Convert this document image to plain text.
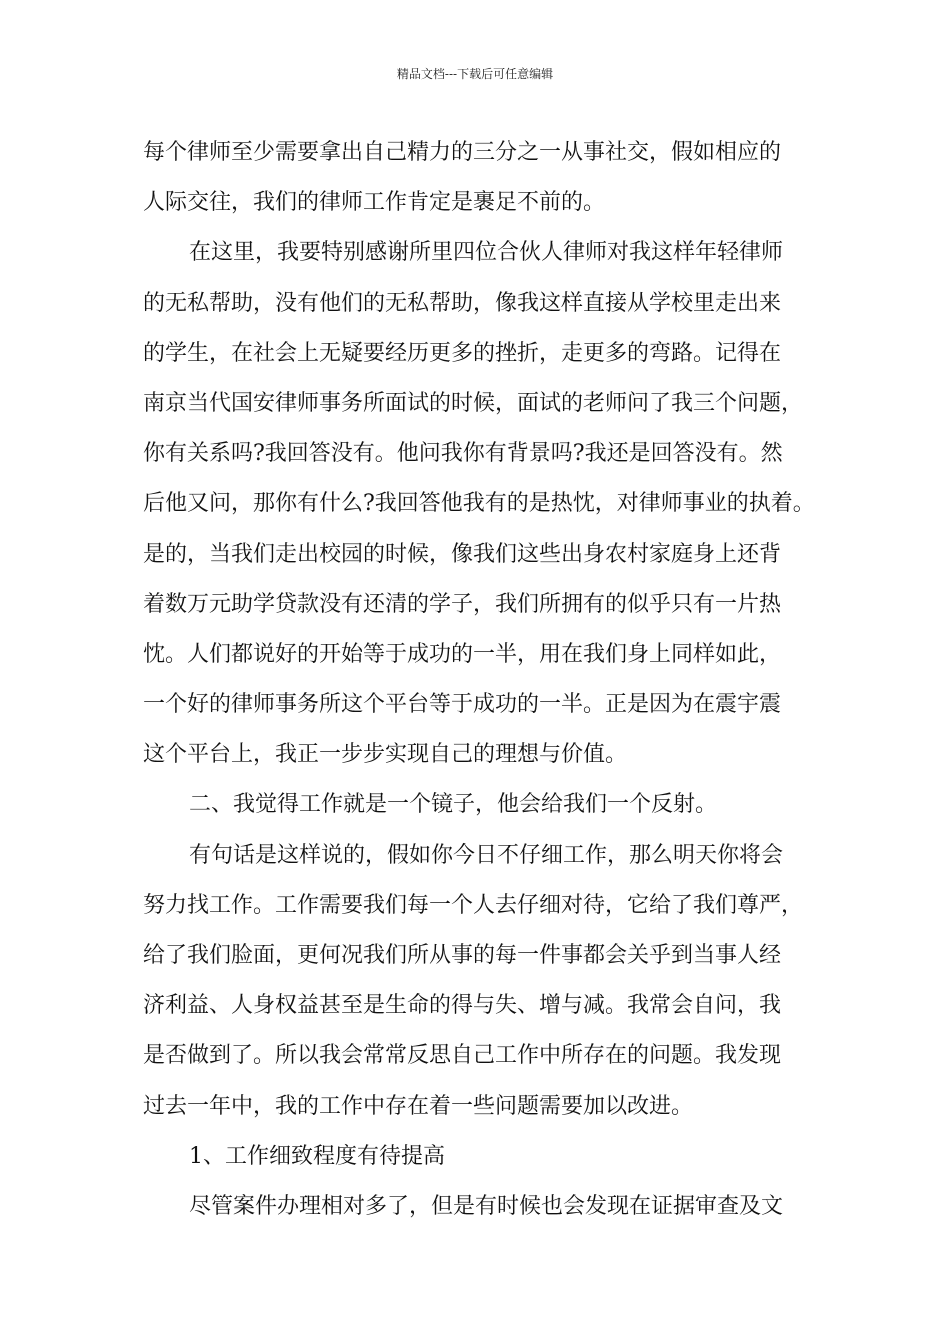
精品文档---下载后可任意编辑
每个律师至少需要拿出自己精力的三分之一从事社交，假如相应的
人际交往，我们的律师工作肯定是裹足不前的。
在这里，我要特别感谢所里四位合伙人律师对我这样年轻律师
的无私帮助，没有他们的无私帮助，像我这样直接从学校里走出来
的学生，在社会上无疑要经历更多的挫折，走更多的弯路。记得在
南京当代国安律师事务所面试的时候，面试的老师问了我三个问题，
你有关系吗?我回答没有。他问我你有背景吗?我还是回答没有。然
后他又问，那你有什么?我回答他我有的是热忱，对律师事业的执着。
是的，当我们走出校园的时候，像我们这些出身农村家庭身上还背
着数万元助学贷款没有还清的学子，我们所拥有的似乎只有一片热
忱。人们都说好的开始等于成功的一半，用在我们身上同样如此，
一个好的律师事务所这个平台等于成功的一半。正是因为在震宇震
这个平台上，我正一步步实现自己的理想与价值。
二、我觉得工作就是一个镜子，他会给我们一个反射。
有句话是这样说的，假如你今日不仔细工作，那么明天你将会
努力找工作。工作需要我们每一个人去仔细对待，它给了我们尊严，
给了我们脸面，更何况我们所从事的每一件事都会关乎到当事人经
济利益、人身权益甚至是生命的得与失、增与减。我常会自问，我
是否做到了。所以我会常常反思自己工作中所存在的问题。我发现
过去一年中，我的工作中存在着一些问题需要加以改进。
1、工作细致程度有待提高
尽管案件办理相对多了，但是有时候也会发现在证据审查及文
